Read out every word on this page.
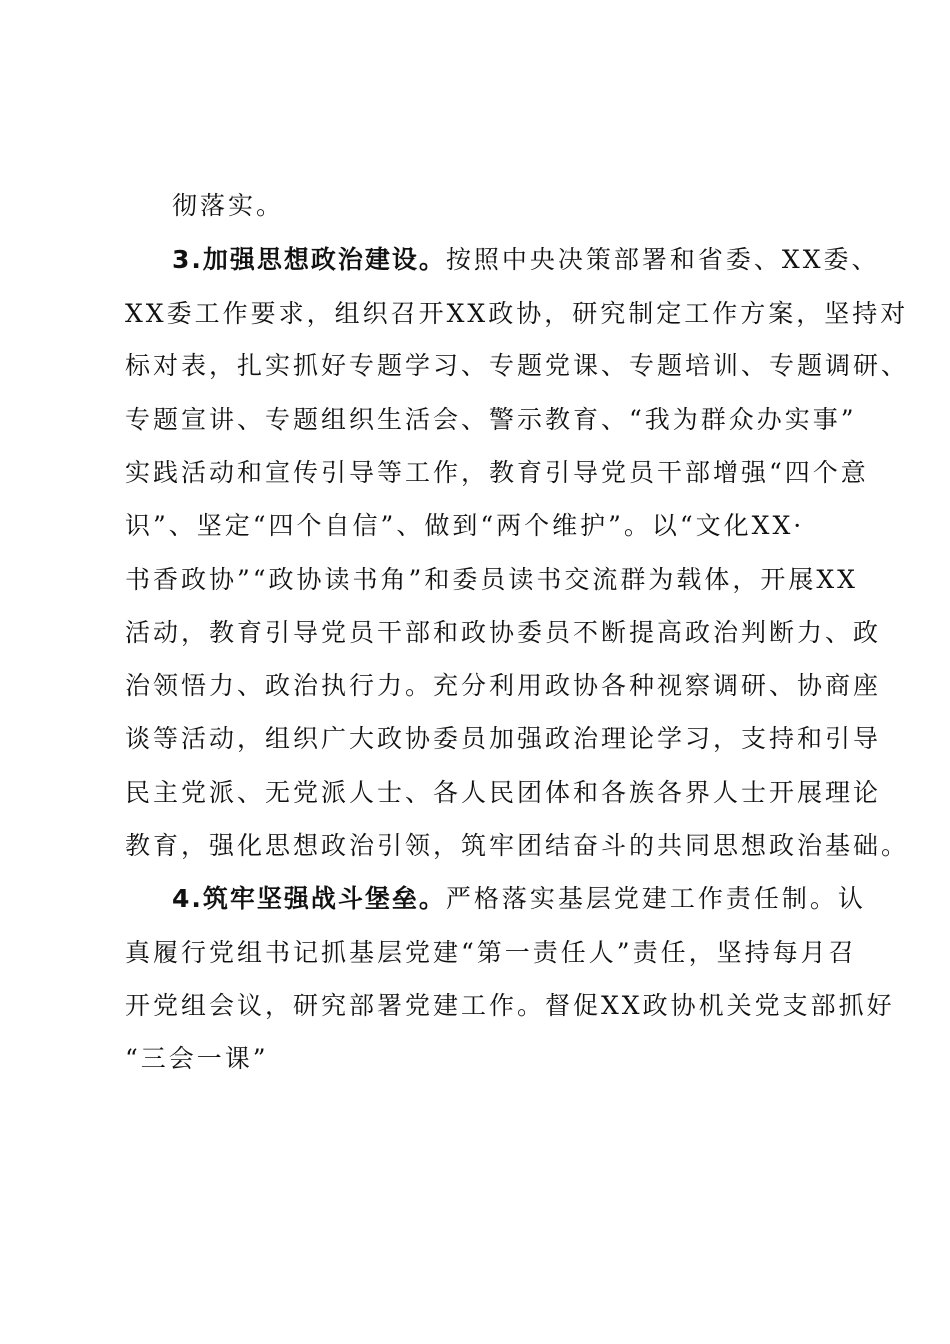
彻落实。
3.加强思想政治建设。按照中央决策部署和省委、XX委、
XX委工作要求，组织召开XX政协，研究制定工作方案，坚持对
标对表，扎实抓好专题学习、专题党课、专题培训、专题调研、
专题宣讲、专题组织生活会、警示教育、“我为群众办实事”
实践活动和宣传引导等工作，教育引导党员干部增强“四个意
识”、坚定“四个自信”、做到“两个维护”。以“文化XX·
书香政协”“政协读书角”和委员读书交流群为载体，开展XX
活动，教育引导党员干部和政协委员不断提高政治判断力、政
治领悟力、政治执行力。充分利用政协各种视察调研、协商座
谈等活动，组织广大政协委员加强政治理论学习，支持和引导
民主党派、无党派人士、各人民团体和各族各界人士开展理论
教育，强化思想政治引领，筑牢团结奋斗的共同思想政治基础。
4.筑牢坚强战斗堡垒。严格落实基层党建工作责任制。认
真履行党组书记抓基层党建“第一责任人”责任，坚持每月召
开党组会议，研究部署党建工作。督促XX政协机关党支部抓好
“三会一课”
